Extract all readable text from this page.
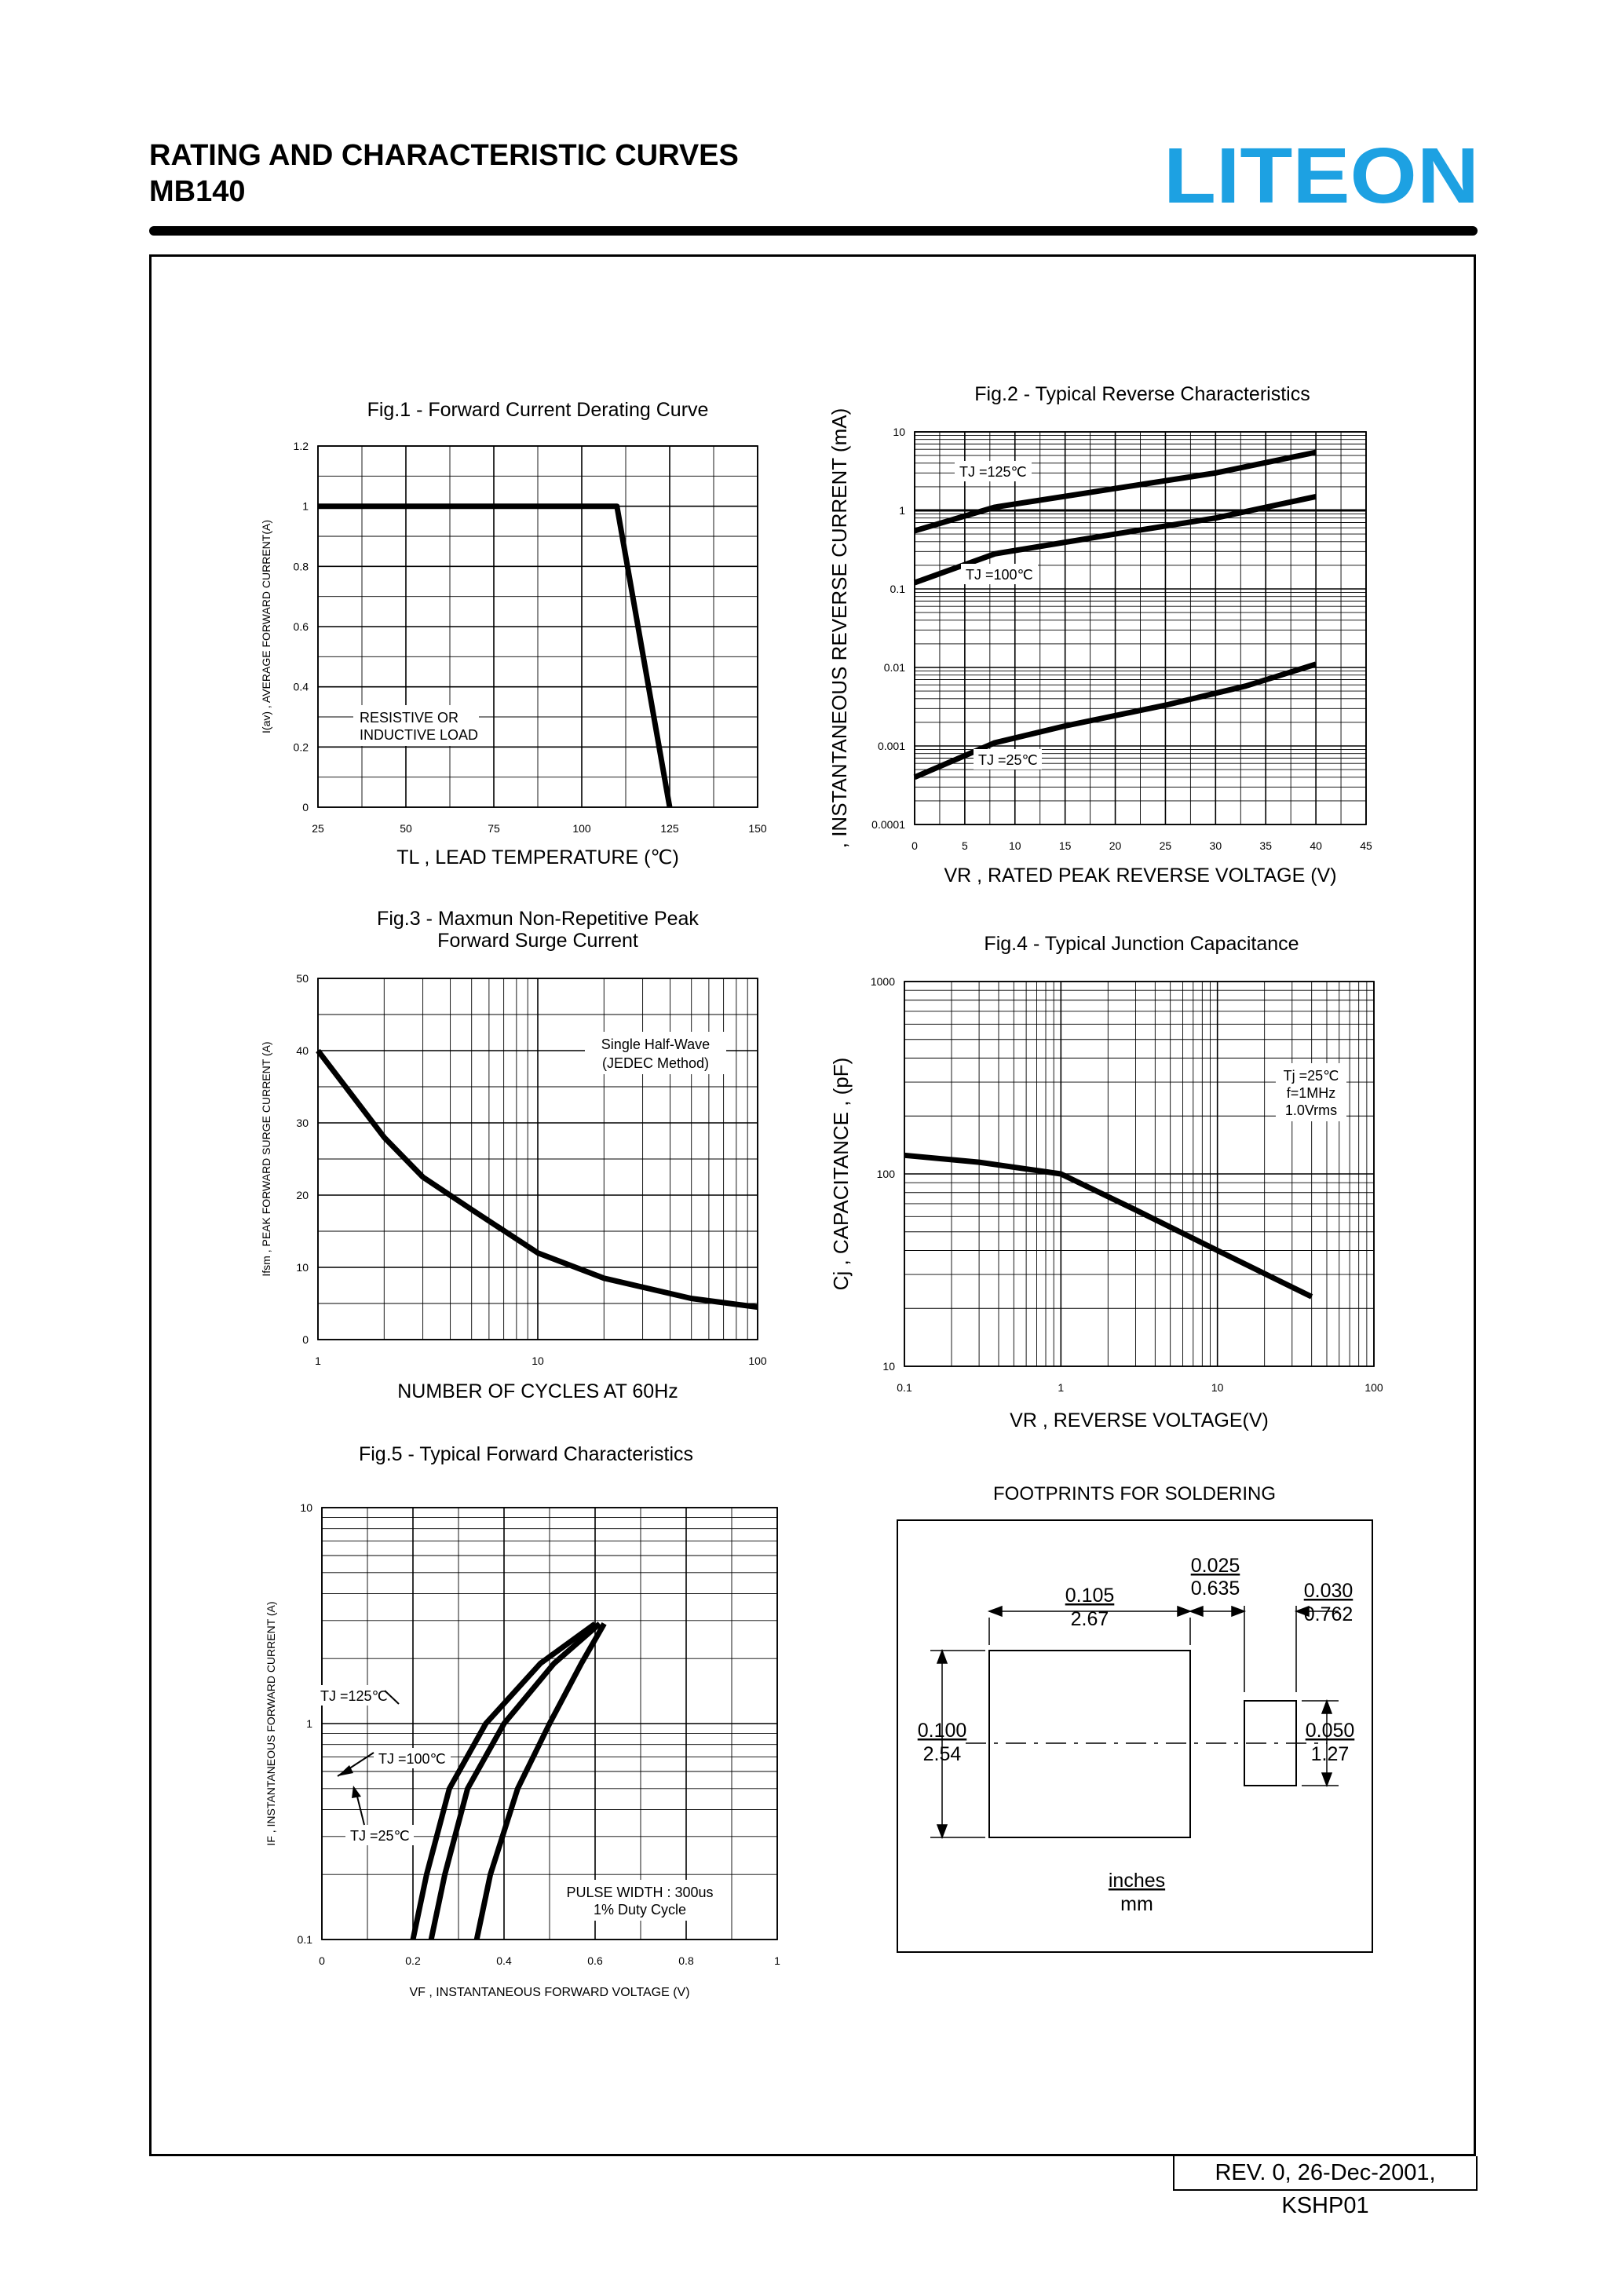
RATING AND CHARACTERISTIC CURVES
MB140	LITEON
25	50	75	100	125	150
0
0.2
0.4
0.6
0.8
1
1.2
Fig.1 - Forward Current Derating Curve
TL , LEAD TEMPERATURE (℃)
I(av) , AVERAGE FORWARD CURRENT(A)	RESISTIVE OR
INDUCTIVE LOAD
0	5	10	15	20	25	30	35	40	45
0.0001
0.001
0.01
0.1
1
10
Fig.2 - Typical Reverse Characteristics
VR , RATED PEAK REVERSE VOLTAGE (V)
, INSTANTANEOUS REVERSE CURRENT (mA)	TJ =125℃
TJ =100℃
TJ =25℃
1	10	100
0
10
20
30
40
50
Fig.3 - Maxmun Non-Repetitive Peak
Forward Surge Current
NUMBER OF CYCLES AT 60Hz
Ifsm , PEAK FORWARD SURGE CURRENT (A)	Single Half-Wave
(JEDEC Method)
0.1	1	10	100
10
100
1000
Fig.4 - Typical Junction Capacitance
VR , REVERSE VOLTAGE(V)
Cj , CAPACITANCE , (pF)	Tj =25℃
f=1MHz
1.0Vrms
0	0.2	0.4	0.6	0.8	1
0.1
1
10
Fig.5 - Typical Forward Characteristics
VF , INSTANTANEOUS FORWARD VOLTAGE (V)
IF , INSTANTANEOUS FORWARD CURRENT (A)	TJ =125℃
TJ =100℃
TJ =25℃
PULSE WIDTH : 300us
1% Duty Cycle
FOOTPRINTS FOR SOLDERING
0.105
2.67
0.025
0.635	0.030
0.762
0.100
2.54
0.050
1.27
inches
mm
REV. 0, 26-Dec-2001, KSHP01
